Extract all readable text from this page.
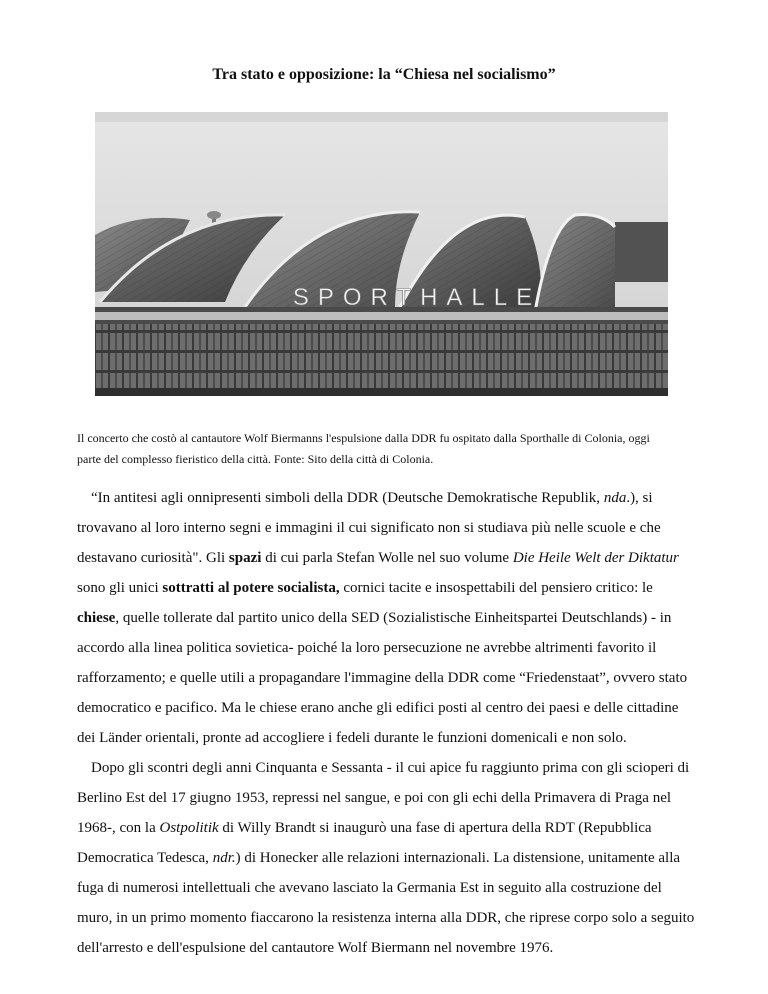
Tra stato e opposizione: la “Chiesa nel socialismo”
SPORTHALLE
Il concerto che costò al cantautore Wolf Biermanns l'espulsione dalla DDR fu ospitato dalla Sporthalle di Colonia, oggi
parte del complesso fieristico della città. Fonte: Sito della città di Colonia.

“In antitesi agli onnipresenti simboli della DDR (Deutsche Demokratische Republik, nda.), si trovavano al loro interno segni e immagini il cui significato non si studiava più nelle scuole e che destavano curiosità". Gli spazi di cui parla Stefan Wolle nel suo volume Die Heile Welt der Diktatur sono gli unici sottratti al potere socialista, cornici tacite e insospettabili del pensiero critico: le chiese, quelle tollerate dal partito unico della SED (Sozialistische Einheitspartei Deutschlands) - in accordo alla linea politica sovietica- poiché la loro persecuzione ne avrebbe altrimenti favorito il rafforzamento; e quelle utili a propagandare l'immagine della DDR come “Friedenstaat”, ovvero stato democratico e pacifico. Ma le chiese erano anche gli edifici posti al centro dei paesi e delle cittadine dei Länder orientali, pronte ad accogliere i fedeli durante le funzioni domenicali e non solo.

Dopo gli scontri degli anni Cinquanta e Sessanta - il cui apice fu raggiunto prima con gli scioperi di Berlino Est del 17 giugno 1953, repressi nel sangue, e poi con gli echi della Primavera di Praga nel 1968-, con la Ostpolitik di Willy Brandt si inaugurò una fase di apertura della RDT (Repubblica Democratica Tedesca, ndr.) di Honecker alle relazioni internazionali. La distensione, unitamente alla fuga di numerosi intellettuali che avevano lasciato la Germania Est in seguito alla costruzione del muro, in un primo momento fiaccarono la resistenza interna alla DDR, che riprese corpo solo a seguito dell'arresto e dell'espulsione del cantautore Wolf Biermann nel novembre 1976.
